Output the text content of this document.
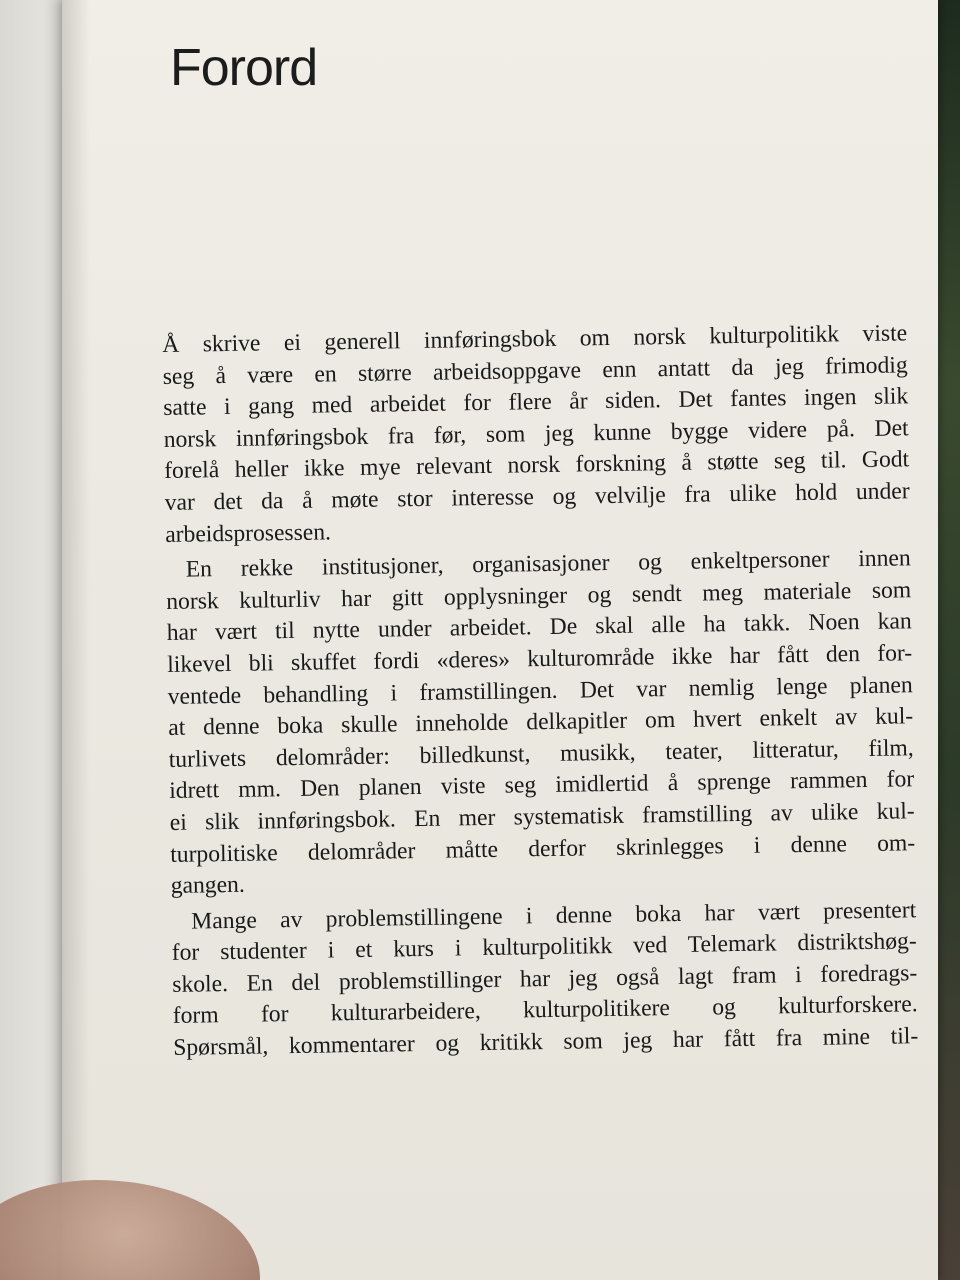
Forord
Å skrive ei generell innføringsbok om norsk kulturpolitikk viste
seg å være en større arbeidsoppgave enn antatt da jeg frimodig
satte i gang med arbeidet for flere år siden. Det fantes ingen slik
norsk innføringsbok fra før, som jeg kunne bygge videre på. Det
forelå heller ikke mye relevant norsk forskning å støtte seg til. Godt
var det da å møte stor interesse og velvilje fra ulike hold under
arbeidsprosessen.
En rekke institusjoner, organisasjoner og enkeltpersoner innen
norsk kulturliv har gitt opplysninger og sendt meg materiale som
har vært til nytte under arbeidet. De skal alle ha takk. Noen kan
likevel bli skuffet fordi «deres» kulturområde ikke har fått den for-
ventede behandling i framstillingen. Det var nemlig lenge planen
at denne boka skulle inneholde delkapitler om hvert enkelt av kul-
turlivets delområder: billedkunst, musikk, teater, litteratur, film,
idrett mm. Den planen viste seg imidlertid å sprenge rammen for
ei slik innføringsbok. En mer systematisk framstilling av ulike kul-
turpolitiske delområder måtte derfor skrinlegges i denne om-
gangen.
Mange av problemstillingene i denne boka har vært presentert
for studenter i et kurs i kulturpolitikk ved Telemark distriktshøg-
skole. En del problemstillinger har jeg også lagt fram i foredrags-
form for kulturarbeidere, kulturpolitikere og kulturforskere.
Spørsmål, kommentarer og kritikk som jeg har fått fra mine til-
